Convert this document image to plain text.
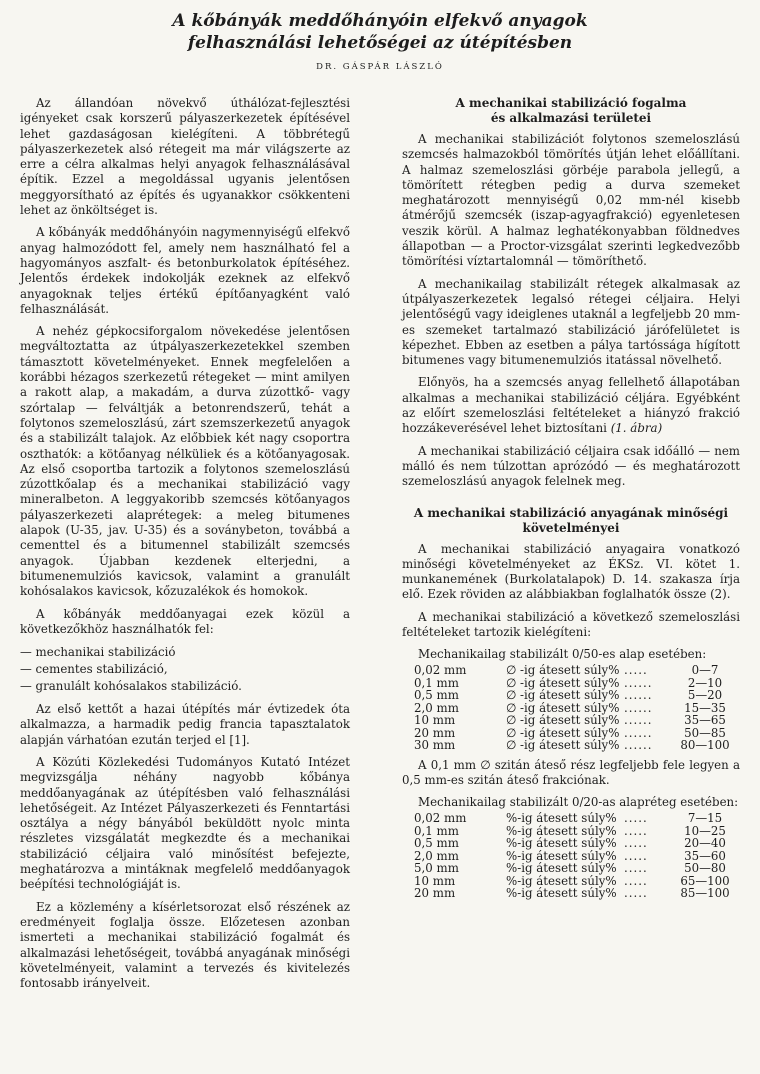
A kőbányák meddőhányóin elfekvő anyagok
felhasználási lehetőségei az útépítésben
DR. GÁSPÁR LÁSZLÓ

Az állandóan növekvő úthálózat-fejlesztési igényeket csak korszerű pályaszerkezetek építésével lehet gazdaságosan kielégíteni. A többrétegű pályaszerkezetek alsó rétegeit ma már világszerte az erre a célra alkalmas helyi anyagok felhasználásával építik. Ezzel a megoldással ugyanis jelentősen meggyorsítható az építés és ugyanakkor csökkenteni lehet az önköltséget is.

A kőbányák meddőhányóin nagymennyiségű elfekvő anyag halmozódott fel, amely nem használható fel a hagyományos aszfalt- és betonburkolatok építéséhez. Jelentős érdekek indokolják ezeknek az elfekvő anyagoknak teljes értékű építőanyagként való felhasználását.

A nehéz gépkocsiforgalom növekedése jelentősen megváltoztatta az útpályaszerkezetekkel szemben támasztott követelményeket. Ennek megfelelően a korábbi hézagos szerkezetű rétegeket — mint amilyen a rakott alap, a makadám, a durva zúzottkő- vagy szórtalap — felváltják a betonrendszerű, tehát a folytonos szemeloszlású, zárt szemszerkezetű anyagok és a stabilizált talajok. Az előbbiek két nagy csoportra oszthatók: a kötőanyag nélküliek és a kötőanyagosak. Az első csoportba tartozik a folytonos szemeloszlású zúzottkőalap és a mechanikai stabilizáció vagy mineralbeton. A leggyakoribb szemcsés kötőanyagos pályaszerkezeti alaprétegek: a meleg bitumenes alapok (U-35, jav. U-35) és a soványbeton, továbbá a cementtel és a bitumennel stabilizált szemcsés anyagok. Újabban kezdenek elterjedni, a bitumenemulziós kavicsok, valamint a granulált kohósalakos kavicsok, kőzuzalékok és homokok.

A kőbányák meddőanyagai ezek közül a következőkhöz használhatók fel:

— mechanikai stabilizáció
— cementes stabilizáció,
— granulált kohósalakos stabilizáció.

Az első kettőt a hazai útépítés már évtizedek óta alkalmazza, a harmadik pedig francia tapasztalatok alapján várhatóan ezután terjed el [1].

A Közúti Közlekedési Tudományos Kutató Intézet megvizsgálja néhány nagyobb kőbánya meddőanyagának az útépítésben való felhasználási lehetőségeit. Az Intézet Pályaszerkezeti és Fenntartási osztálya a négy bányából beküldött nyolc minta részletes vizsgálatát megkezdte és a mechanikai stabilizáció céljaira való minősítést befejezte, meghatározva a mintáknak megfelelő meddőanyagok beépítési technológiáját is.

Ez a közlemény a kísérletsorozat első részének az eredményeit foglalja össze. Előzetesen azonban ismerteti a mechanikai stabilizáció fogalmát és alkalmazási lehetőségeit, továbbá anyagának minőségi követelményeit, valamint a tervezés és kivitelezés fontosabb irányelveit.

A mechanikai stabilizáció fogalma
és alkalmazási területei

A mechanikai stabilizációt folytonos szemeloszlású szemcsés halmazokból tömörítés útján lehet előállítani. A halmaz szemeloszlási görbéje parabola jellegű, a tömörített rétegben pedig a durva szemeket meghatározott mennyiségű 0,02 mm-nél kisebb átmérőjű szemcsék (iszap-agyagfrakció) egyenletesen veszik körül. A halmaz leghatékonyabban földnedves állapotban — a Proctor-vizsgálat szerinti legkedvezőbb tömörítési víztartalomnál — tömöríthető.

A mechanikailag stabilizált rétegek alkalmasak az útpályaszerkezetek legalsó rétegei céljaira. Helyi jelentőségű vagy ideiglenes utaknál a legfeljebb 20 mm-es szemeket tartalmazó stabilizáció járófelületet is képezhet. Ebben az esetben a pálya tartóssága hígított bitumenes vagy bitumenemulziós itatással növelhető.

Előnyös, ha a szemcsés anyag fellelhető állapotában alkalmas a mechanikai stabilizáció céljára. Egyébként az előírt szemeloszlási feltételeket a hiányzó frakció hozzákeverésével lehet biztosítani (1. ábra)

A mechanikai stabilizáció céljaira csak időálló — nem málló és nem túlzottan aprózódó — és meghatározott szemeloszlású anyagok felelnek meg.

A mechanikai stabilizáció anyagának minőségi
követelményei

A mechanikai stabilizáció anyagaira vonatkozó minőségi követelményeket az ÉKSz. VI. kötet 1. munkanemének (Burkolatalapok) D. 14. szakasza írja elő. Ezek röviden az alábbiakban foglalhatók össze (2).

A mechanikai stabilizáció a következő szemeloszlási feltételeket tartozik kielégíteni:

Mechanikailag stabilizált 0/50-es alap esetében:
0,02 mm	∅ -ig átesett súly%	.....	0—7
0,1 mm	∅ -ig átesett súly%	......	2—10
0,5 mm	∅ -ig átesett súly%	......	5—20
2,0 mm	∅ -ig átesett súly%	......	15—35
10 mm	∅ -ig átesett súly%	......	35—65
20 mm	∅ -ig átesett súly%	......	50—85
30 mm	∅ -ig átesett súly%	......	80—100

A 0,1 mm ∅ szitán áteső rész legfeljebb fele legyen a 0,5 mm-es szitán áteső frakciónak.

Mechanikailag stabilizált 0/20-as alapréteg esetében:

0,02 mm	%-ig átesett súly%	.....	7—15
0,1 mm	%-ig átesett súly%	.....	10—25
0,5 mm	%-ig átesett súly%	.....	20—40
2,0 mm	%-ig átesett súly%	.....	35—60
5,0 mm	%-ig átesett súly%	.....	50—80
10 mm	%-ig átesett súly%	.....	65—100
20 mm	%-ig átesett súly%	.....	85—100
